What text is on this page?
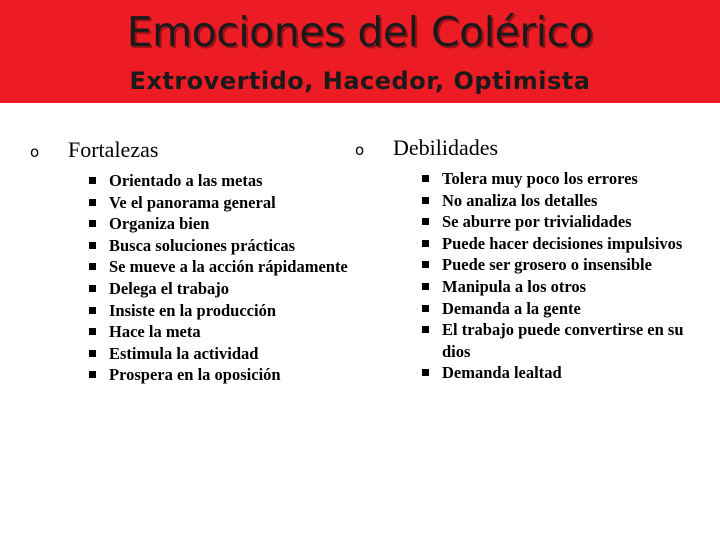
Emociones del Colérico
Extrovertido, Hacedor, Optimista
o	Fortalezas
Orientado a las metas
Ve el panorama general
Organiza bien
Busca soluciones prácticas
Se mueve a la acción rápidamente
Delega el trabajo
Insiste en la producción
Hace la meta
Estimula la actividad
Prospera en la oposición
o	Debilidades
Tolera muy poco los errores
No analiza los detalles
Se aburre por trivialidades
Puede hacer decisiones impulsivos
Puede ser grosero o insensible
Manipula a los otros
Demanda a la gente
El trabajo puede convertirse en su dios
Demanda lealtad
